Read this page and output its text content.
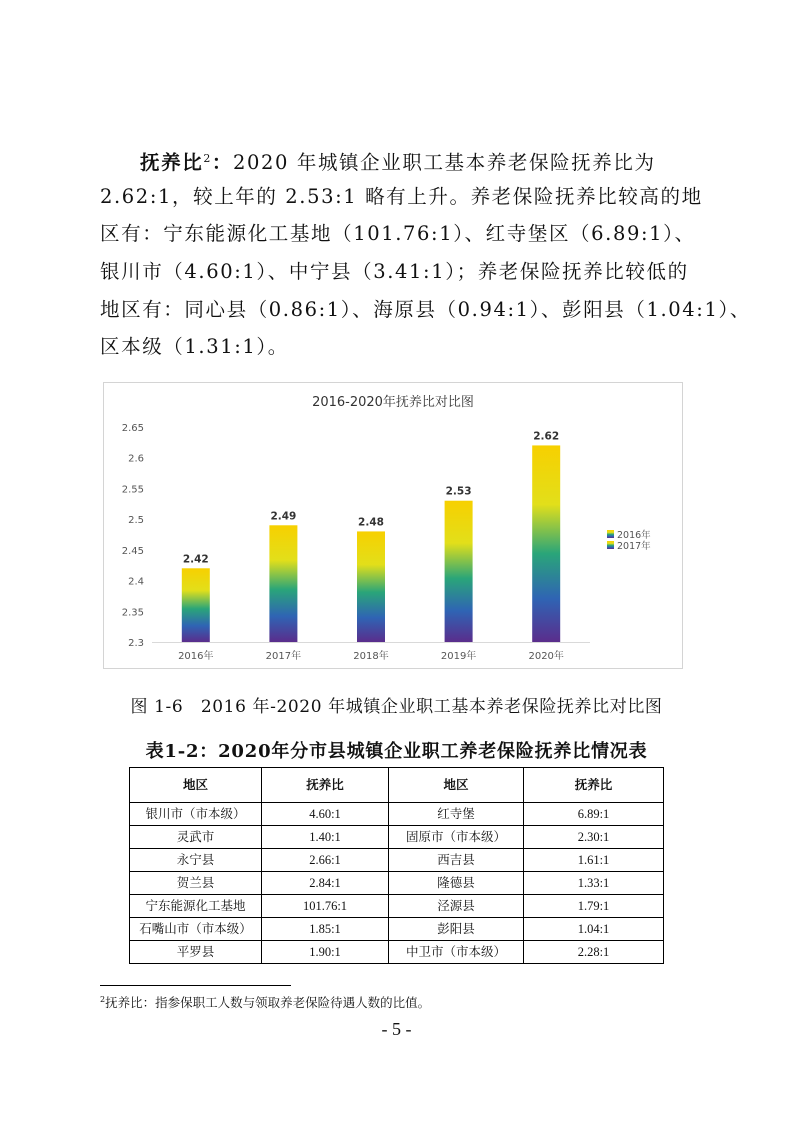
抚养比$^2$：2020 年城镇企业职工基本养老保险抚养比为
2.62:1，较上年的 2.53:1 略有上升。养老保险抚养比较高的地
区有：宁东能源化工基地（101.76:1）、红寺堡区（6.89:1）、
银川市（4.60:1）、中宁县（3.41:1）；养老保险抚养比较低的
地区有：同心县（0.86:1）、海原县（0.94:1）、彭阳县（1.04:1）、
区本级（1.31:1）。
2016-2020年抚养比对比图
2.3
2.35
2.4
2.45
2.5
2.55
2.6
2.65
2.42
2.49
2.48
2.53
2.62
2016年	2017年	2018年	2019年	2020年
2016年
2017年
图 1-6　2016 年-2020 年城镇企业职工基本养老保险抚养比对比图
表1-2：2020年分市县城镇企业职工养老保险抚养比情况表
地区	抚养比	地区	抚养比
银川市（市本级）	4.60:1	红寺堡	6.89:1
灵武市	1.40:1	固原市（市本级）	2.30:1
永宁县	2.66:1	西吉县	1.61:1
贺兰县	2.84:1	隆德县	1.33:1
宁东能源化工基地	101.76:1	泾源县	1.79:1
石嘴山市（市本级）	1.85:1	彭阳县	1.04:1
平罗县	1.90:1	中卫市（市本级）	2.28:1
$^2$抚养比：指参保职工人数与领取养老保险待遇人数的比值。
- 5 -
